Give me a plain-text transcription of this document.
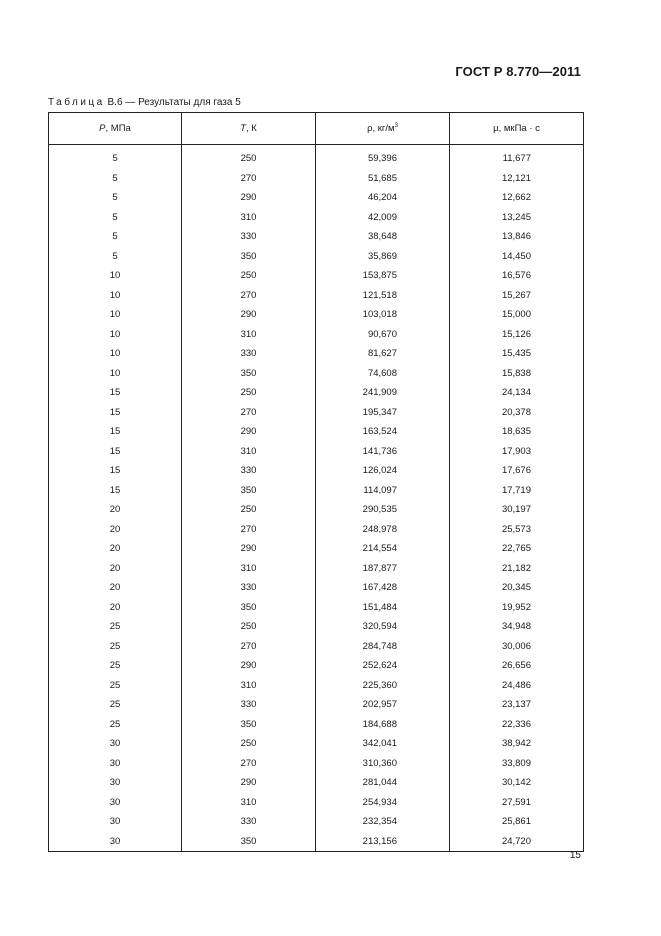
ГОСТ Р 8.770—2011
Таблица В.6 — Результаты для газа 5
P, МПа	T, К	ρ, $кг/м^3$	μ, мкПа · с
5	250	59,396	11,677
5	270	51,685	12,121
5	290	46,204	12,662
5	310	42,009	13,245
5	330	38,648	13,846
5	350	35,869	14,450
10	250	153,875	16,576
10	270	121,518	15,267
10	290	103,018	15,000
10	310	90,670	15,126
10	330	81,627	15,435
10	350	74,608	15,838
15	250	241,909	24,134
15	270	195,347	20,378
15	290	163,524	18,635
15	310	141,736	17,903
15	330	126,024	17,676
15	350	114,097	17,719
20	250	290,535	30,197
20	270	248,978	25,573
20	290	214,554	22,765
20	310	187,877	21,182
20	330	167,428	20,345
20	350	151,484	19,952
25	250	320,594	34,948
25	270	284,748	30,006
25	290	252,624	26,656
25	310	225,360	24,486
25	330	202,957	23,137
25	350	184,688	22,336
30	250	342,041	38,942
30	270	310,360	33,809
30	290	281,044	30,142
30	310	254,934	27,591
30	330	232,354	25,861
30	350	213,156	24,720
15
